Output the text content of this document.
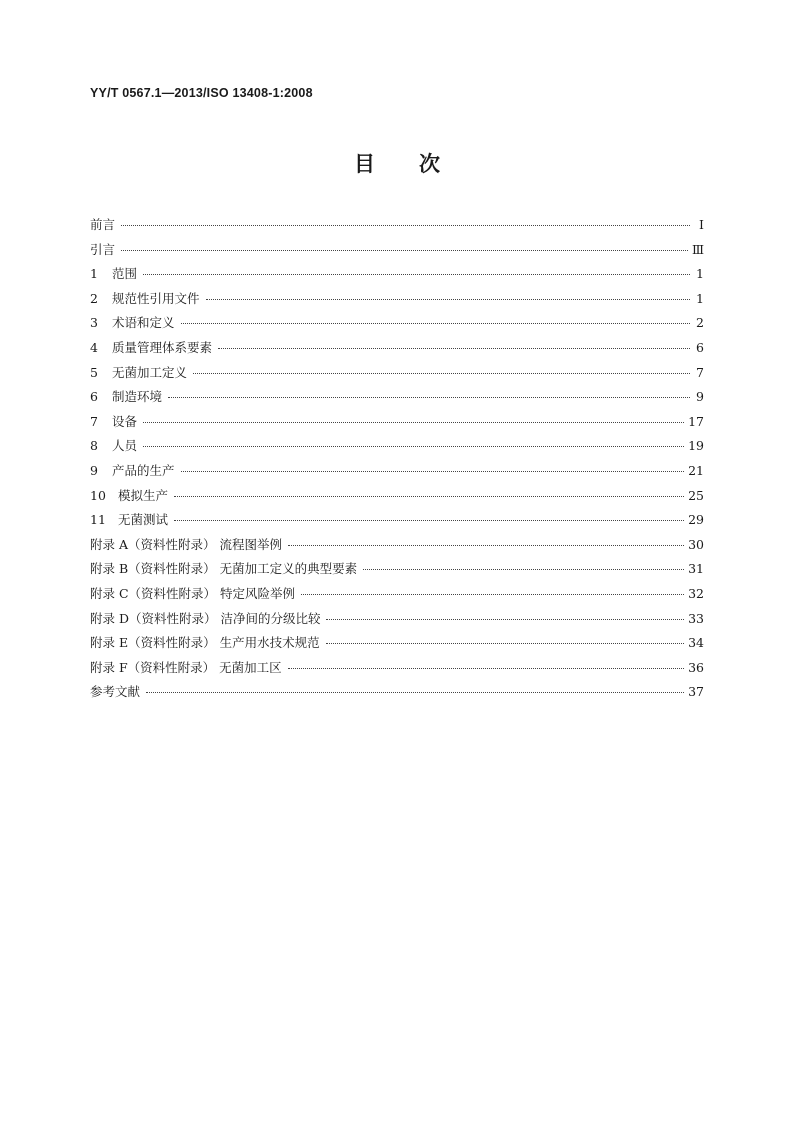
YY/T 0567.1—2013/ISO 13408-1:2008
目 次
前言	Ⅰ
引言	Ⅲ
1 范围	1
2 规范性引用文件	1
3 术语和定义	2
4 质量管理体系要素	6
5 无菌加工定义	7
6 制造环境	9
7 设备	17
8 人员	19
9 产品的生产	21
10 模拟生产	25
11 无菌测试	29
附录 A（资料性附录） 流程图举例	30
附录 B（资料性附录） 无菌加工定义的典型要素	31
附录 C（资料性附录） 特定风险举例	32
附录 D（资料性附录） 洁净间的分级比较	33
附录 E（资料性附录） 生产用水技术规范	34
附录 F（资料性附录） 无菌加工区	36
参考文献	37
